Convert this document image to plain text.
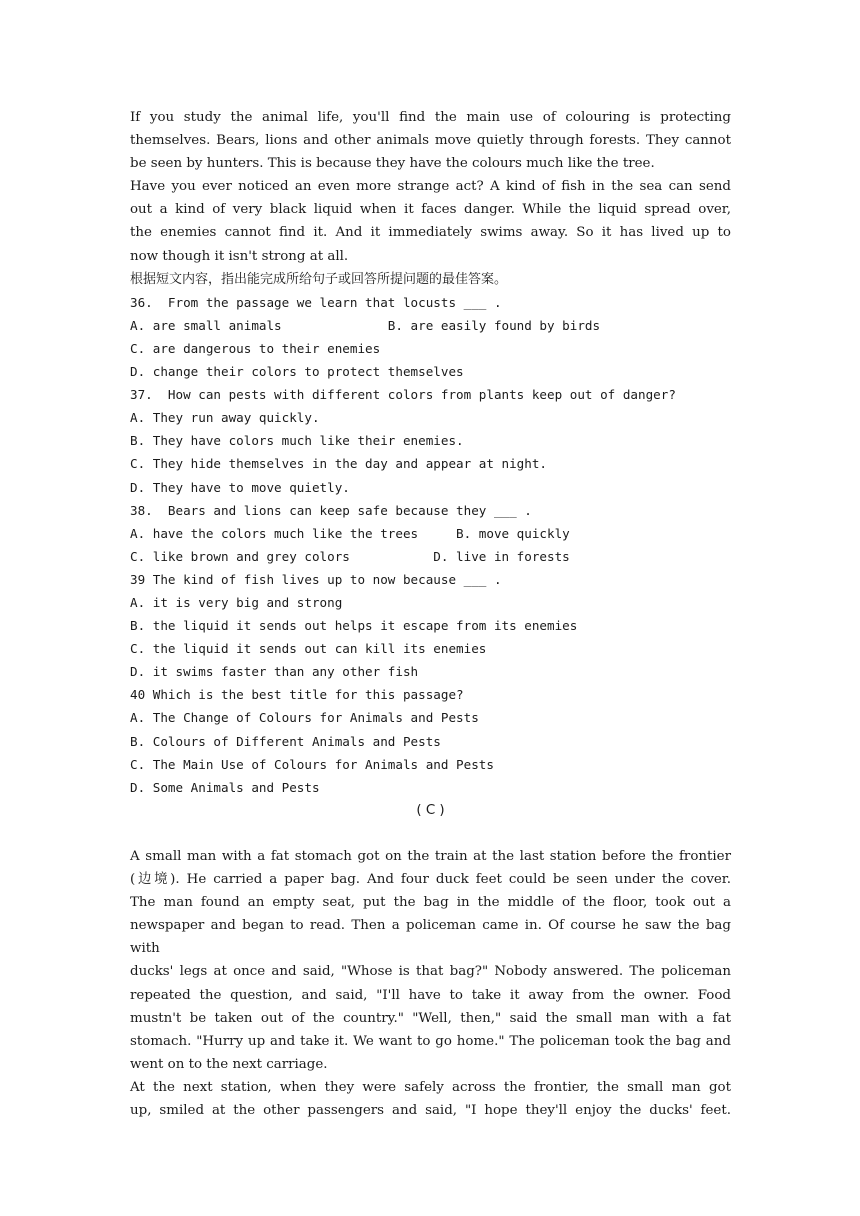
If you study the animal life, you'll find the main use of colouring is protecting
themselves. Bears, lions and other animals move quietly through forests. They cannot
be seen by hunters. This is because they have the colours much like the tree.
Have you ever noticed an even more strange act? A kind of fish in the sea can send
out a kind of very black liquid when it faces danger. While the liquid spread over,
the enemies cannot find it. And it immediately swims away. So it has lived up to
now though it isn't strong at all.
根据短文内容，指出能完成所给句子或回答所提问题的最佳答案。
36.  From the passage we learn that locusts ___ .
A. are small animals              B. are easily found by birds
C. are dangerous to their enemies
D. change their colors to protect themselves
37.  How can pests with different colors from plants keep out of danger?
A. They run away quickly.
B. They have colors much like their enemies.
C. They hide themselves in the day and appear at night.
D. They have to move quietly.
38.  Bears and lions can keep safe because they ___ .
A. have the colors much like the trees     B. move quickly
C. like brown and grey colors           D. live in forests
39 The kind of fish lives up to now because ___ .
A. it is very big and strong
B. the liquid it sends out helps it escape from its enemies
C. the liquid it sends out can kill its enemies
D. it swims faster than any other fish
40 Which is the best title for this passage?
A. The Change of Colours for Animals and Pests
B. Colours of Different Animals and Pests
C. The Main Use of Colours for Animals and Pests
D. Some Animals and Pests

( C )

A small man with a fat stomach got on the train at the last station before the frontier
(边境). He carried a paper bag. And four duck feet could be seen under the cover.
The man found an empty seat, put the bag in the middle of the floor, took out a
newspaper and began to read. Then a policeman came in. Of course he saw the bag with
ducks' legs at once and said, "Whose is that bag?" Nobody answered. The policeman
repeated the question, and said, "I'll have to take it away from the owner. Food
mustn't be taken out of the country." "Well, then," said the small man with a fat
stomach. "Hurry up and take it. We want to go home." The policeman took the bag and
went on to the next carriage.
At the next station, when they were safely across the frontier, the small man got
up, smiled at the other passengers and said, "I hope they'll enjoy the ducks' feet.
